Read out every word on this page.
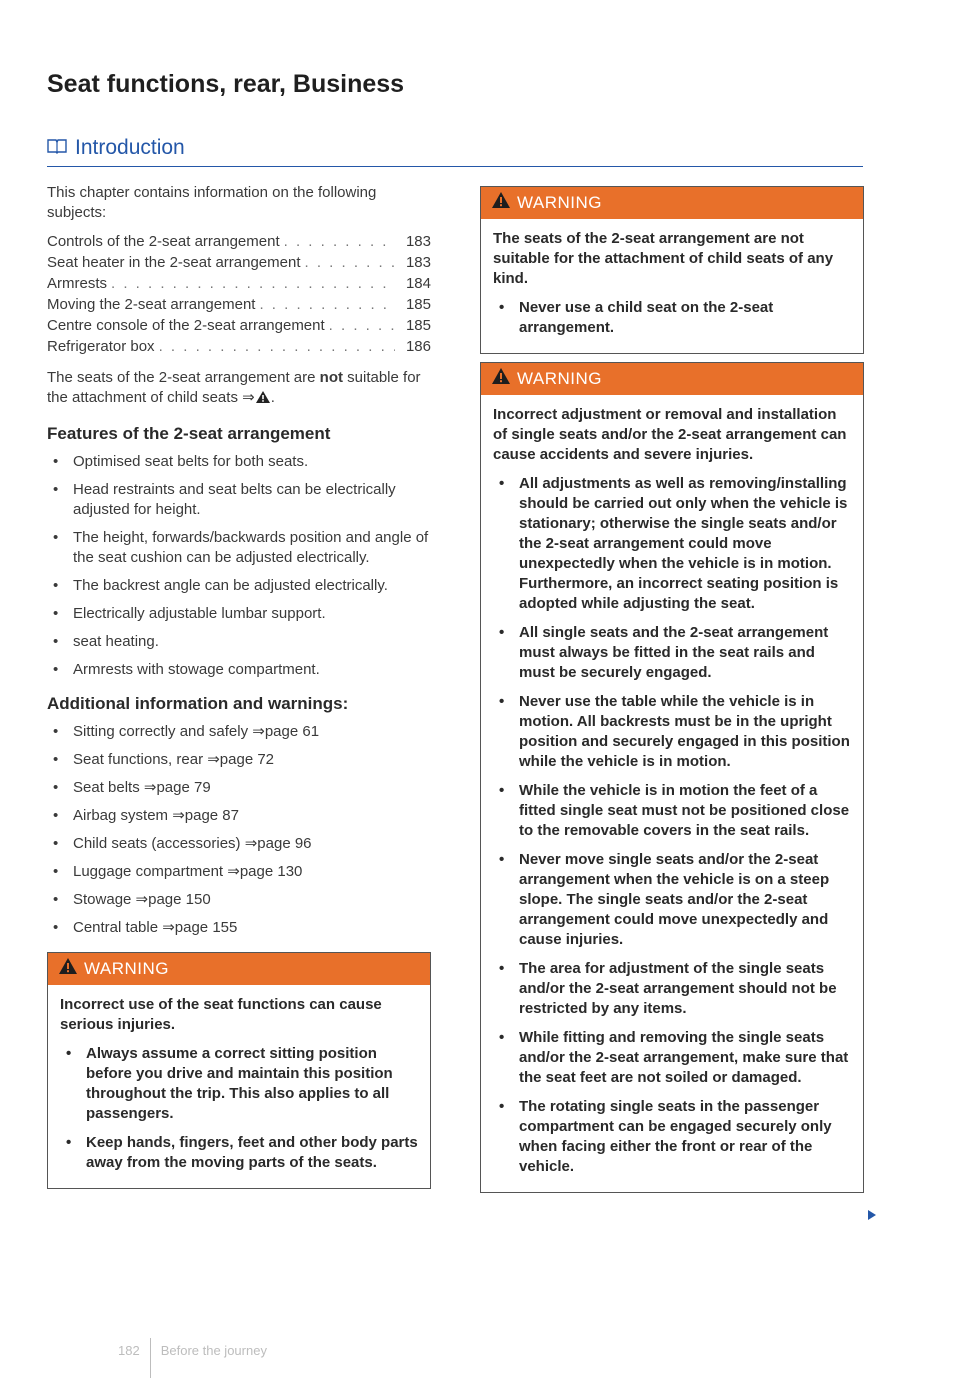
Seat functions, rear, Business
Introduction

This chapter contains information on the following subjects:

Controls of the 2-seat arrangement . . .	183
Seat heater in the 2-seat arrangement . . .	183
Armrests . . .	184
Moving the 2-seat arrangement . . .	185
Centre console of the 2-seat arrangement . . .	185
Refrigerator box . . .	186

The seats of the 2-seat arrangement are not suitable for the attachment of child seats ⇒ .

Features of the 2-seat arrangement
• Optimised seat belts for both seats.
• Head restraints and seat belts can be electrically adjusted for height.
• The height, forwards/backwards position and angle of the seat cushion can be adjusted electrically.
• The backrest angle can be adjusted electrically.
• Electrically adjustable lumbar support.
• seat heating.
• Armrests with stowage compartment.
Additional information and warnings:
• Sitting correctly and safely ⇒page 61
• Seat functions, rear ⇒page 72
• Seat belts ⇒page 79
• Airbag system ⇒page 87
• Child seats (accessories) ⇒page 96
• Luggage compartment ⇒page 130
• Stowage ⇒page 150
• Central table ⇒page 155
WARNING

Incorrect use of the seat functions can cause serious injuries.

• Always assume a correct sitting position before you drive and maintain this position throughout the trip. This also applies to all passengers.
• Keep hands, fingers, feet and other body parts away from the moving parts of the seats.
WARNING

The seats of the 2-seat arrangement are not suitable for the attachment of child seats of any kind.

• Never use a child seat on the 2-seat arrangement.
WARNING

Incorrect adjustment or removal and installation of single seats and/or the 2-seat arrangement can cause accidents and severe injuries.

• All adjustments as well as removing/installing should be carried out only when the vehicle is stationary; otherwise the single seats and/or the 2-seat arrangement could move unexpectedly when the vehicle is in motion. Furthermore, an incorrect seating position is adopted while adjusting the seat.
• All single seats and the 2-seat arrangement must always be fitted in the seat rails and must be securely engaged.
• Never use the table while the vehicle is in motion. All backrests must be in the upright position and securely engaged in this position while the vehicle is in motion.
• While the vehicle is in motion the feet of a fitted single seat must not be positioned close to the removable covers in the seat rails.
• Never move single seats and/or the 2-seat arrangement when the vehicle is on a steep slope. The single seats and/or the 2-seat arrangement could move unexpectedly and cause injuries.
• The area for adjustment of the single seats and/or the 2-seat arrangement should not be restricted by any items.
• While fitting and removing the single seats and/or the 2-seat arrangement, make sure that the seat feet are not soiled or damaged.
• The rotating single seats in the passenger compartment can be engaged securely only when facing either the front or rear of the vehicle.
182 Before the journey
